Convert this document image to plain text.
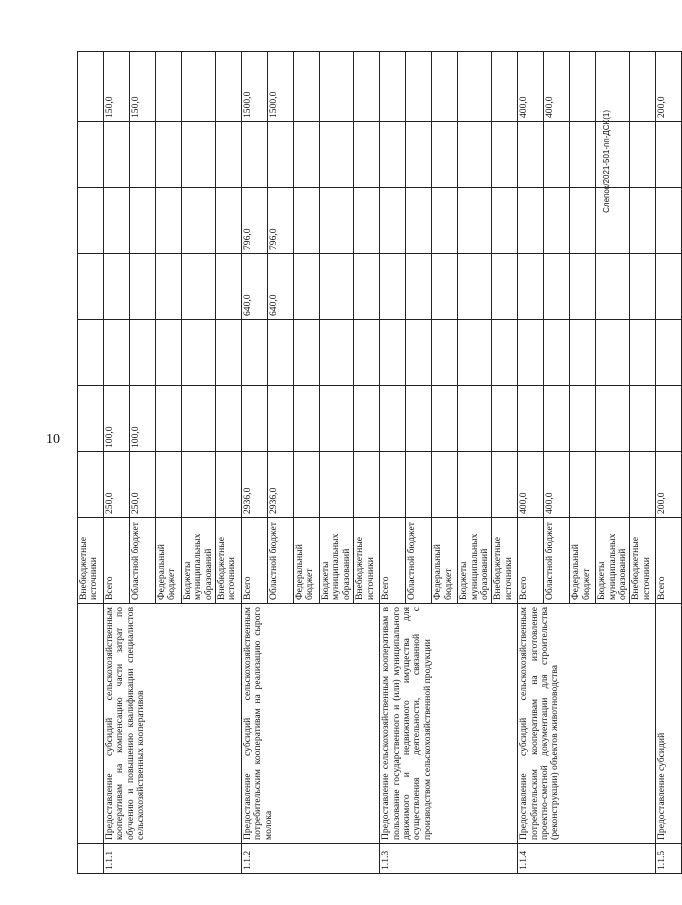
10
Слепок/2021-501-пп-ДСК(1)
		Внебюджетные источники							
1.1.1	Предоставление субсидий сельскохозяйственным кооперативам на компенсацию части затрат по обучению и повышению квалификации специалистов сельскохозяйственных кооперативов	Всего	250,0	100,0					150,0
		Областной бюджет	250,0	100,0					150,0
		Федеральный бюджет							
		Бюджеты муниципальных образований							
		Внебюджетные источники							
1.1.2	Предоставление субсидий сельскохозяйственным потребительским кооперативам на реализацию сырого молока	Всего	2936,0			640,0	796,0		1500,0
		Областной бюджет	2936,0			640,0	796,0		1500,0
		Федеральный бюджет							
		Бюджеты муниципальных образований							
		Внебюджетные источники							
1.1.3	Предоставление сельскохозяйственным кооперативам в пользование государственного и (или) муниципального движимого и недвижимого имущества для осуществления деятельности, связанной с производством сельскохозяйственной продукции	Всего							
		Областной бюджет							
		Федеральный бюджет							
		Бюджеты муниципальных образований							
		Внебюджетные источники							
1.1.4	Предоставление субсидий сельскохозяйственным потребительским кооперативам на изготовление проектно-сметной документации для строительства (реконструкции) объектов животноводства	Всего	400,0						400,0
		Областной бюджет	400,0						400,0
		Федеральный бюджет							
		Бюджеты муниципальных образований							
		Внебюджетные источники							
1.1.5	Предоставление субсидий	Всего	200,0						200,0
